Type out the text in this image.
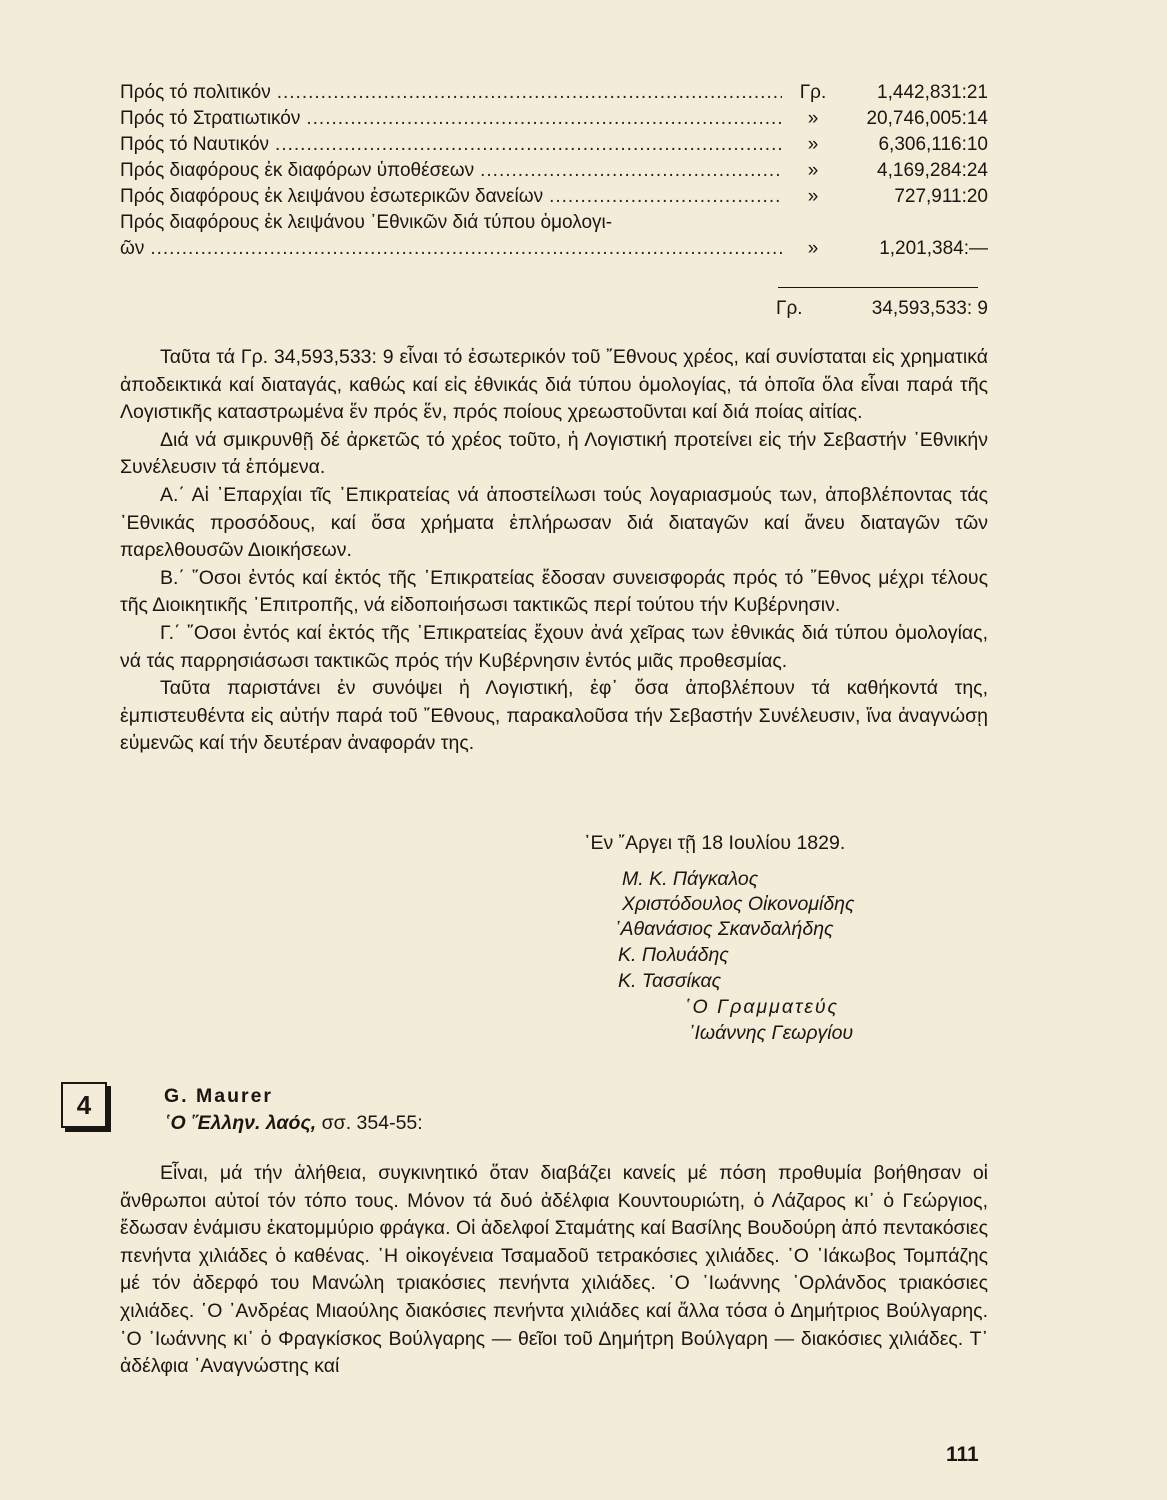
Πρός τό πολιτικόν .....	Γρ.	1,442,831:21
Πρός τό Στρατιωτικόν .....	»	20,746,005:14
Πρός τό Ναυτικόν .....	»	6,306,116:10
Πρός διαφόρους ἐκ διαφόρων ὑποθέσεων .....	»	4,169,284:24
Πρός διαφόρους ἐκ λειψάνου ἐσωτερικῶν δανείων .....	»	727,911:20
Πρός διαφόρους ἐκ λειψάνου ᾿Εθνικῶν διά τύπου ὁμολογι-
ῶν .....	»	1,201,384:—
Γρ.	34,593,533: 9

Ταῦτα τά Γρ. 34,593,533: 9 εἶναι τό ἐσωτερικόν τοῦ ῎Εθνους χρέος, καί συνίσταται εἰς χρηματικά ἀποδεικτικά καί διαταγάς, καθώς καί εἰς ἐθνικάς διά τύπου ὁμολογίας, τά ὁποῖα ὅλα εἶναι παρά τῆς Λογιστικῆς καταστρωμένα ἕν πρός ἕν, πρός ποίους χρεωστοῦνται καί διά ποίας αἰτίας.

Διά νά σμικρυνθῇ δέ ἀρκετῶς τό χρέος τοῦτο, ἡ Λογιστική προτείνει εἰς τήν Σεβαστήν ᾿Εθνικήν Συνέλευσιν τά ἑπόμενα.

Α.΄ Αἱ ᾿Επαρχίαι τῖς ᾿Επικρατείας νά ἀποστείλωσι τούς λογαριασμούς των, ἀποβλέποντας τάς ᾿Εθνικάς προσόδους, καί ὅσα χρήματα ἐπλήρωσαν διά διαταγῶν καί ἄνευ διαταγῶν τῶν παρελθουσῶν Διοικήσεων.

Β.΄ ῞Οσοι ἐντός καί ἐκτός τῆς ᾿Επικρατείας ἔδοσαν συνεισφοράς πρός τό ῎Εθνος μέχρι τέλους τῆς Διοικητικῆς ᾿Επιτροπῆς, νά εἰδοποιήσωσι τακτικῶς περί τούτου τήν Κυβέρνησιν.

Γ.΄ ῞Οσοι ἐντός καί ἐκτός τῆς ᾿Επικρατείας ἔχουν ἀνά χεῖρας των ἐθνικάς διά τύπου ὁμολογίας, νά τάς παρρησιάσωσι τακτικῶς πρός τήν Κυβέρνησιν ἐντός μιᾶς προθεσμίας.

Ταῦτα παριστάνει ἐν συνόψει ἡ Λογιστική, ἐφ᾿ ὅσα ἀποβλέπουν τά καθήκοντά της, ἐμπιστευθέντα εἰς αὐτήν παρά τοῦ ῎Εθνους, παρακαλοῦσα τήν Σεβαστήν Συνέλευσιν, ἵνα ἀναγνώσῃ εὐμενῶς καί τήν δευτέραν ἀναφοράν της.

᾿Εν ῎Αργει τῇ 18 Ιουλίου 1829.
Μ. Κ. Πάγκαλος
Χριστόδουλος Οἰκονομίδης
᾿Αθανάσιος Σκανδαλήδης
Κ. Πολυάδης
Κ. Τασσίκας
῾Ο Γραμματεύς
᾿Ιωάννης Γεωργίου
4	G. Maurer
῾Ο ῞Ελλην. λαός, σσ. 354-55:

Εἶναι, μά τήν ἀλήθεια, συγκινητικό ὅταν διαβάζει κανείς μέ πόση προθυμία βοήθησαν οἱ ἄνθρωποι αὐτοί τόν τόπο τους. Μόνον τά δυό ἀδέλφια Κουντουριώτη, ὁ Λάζαρος κι᾿ ὁ Γεώργιος, ἔδωσαν ἑνάμισυ ἑκατομμύριο φράγκα. Οἱ ἀδελφοί Σταμάτης καί Βασίλης Βουδούρη ἀπό πεντακόσιες πενήντα χιλιάδες ὁ καθένας. ῾Η οἰκογένεια Τσαμαδοῦ τετρακόσιες χιλιάδες. ῾Ο ᾿Ιάκωβος Τομπάζης μέ τόν ἀδερφό του Μανώλη τριακόσιες πενήντα χιλιάδες. ῾Ο ᾿Ιωάννης ᾿Ορλάνδος τριακόσιες χιλιάδες. ῾Ο ᾿Ανδρέας Μιαούλης διακόσιες πενήντα χιλιάδες καί ἄλλα τόσα ὁ Δημήτριος Βούλγαρης. ῾Ο ᾿Ιωάννης κι᾿ ὁ Φραγκίσκος Βούλγαρης — θεῖοι τοῦ Δημήτρη Βούλγαρη — διακόσιες χιλιάδες. Τ᾿ ἀδέλφια ᾿Αναγνώστης καί

111
